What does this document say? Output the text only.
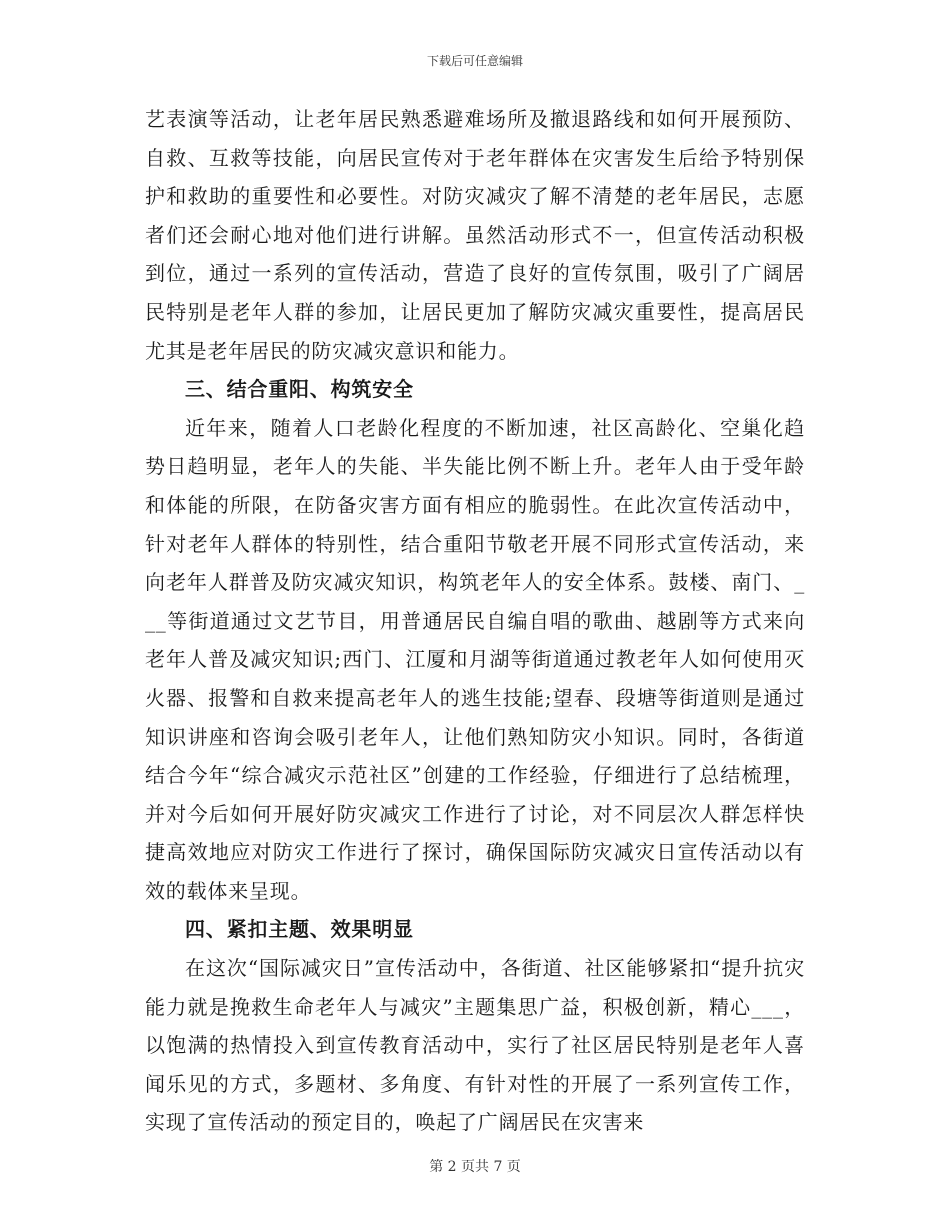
下载后可任意编辑

艺表演等活动，让老年居民熟悉避难场所及撤退路线和如何开展预防、自救、互救等技能，向居民宣传对于老年群体在灾害发生后给予特别保护和救助的重要性和必要性。对防灾减灾了解不清楚的老年居民，志愿者们还会耐心地对他们进行讲解。虽然活动形式不一，但宣传活动积极到位，通过一系列的宣传活动，营造了良好的宣传氛围，吸引了广阔居民特别是老年人群的参加，让居民更加了解防灾减灾重要性，提高居民尤其是老年居民的防灾减灾意识和能力。

三、结合重阳、构筑安全

近年来，随着人口老龄化程度的不断加速，社区高龄化、空巢化趋势日趋明显，老年人的失能、半失能比例不断上升。老年人由于受年龄和体能的所限，在防备灾害方面有相应的脆弱性。在此次宣传活动中，针对老年人群体的特别性，结合重阳节敬老开展不同形式宣传活动，来向老年人群普及防灾减灾知识，构筑老年人的安全体系。鼓楼、南门、___等街道通过文艺节目，用普通居民自编自唱的歌曲、越剧等方式来向老年人普及减灾知识;西门、江厦和月湖等街道通过教老年人如何使用灭火器、报警和自救来提高老年人的逃生技能;望春、段塘等街道则是通过知识讲座和咨询会吸引老年人，让他们熟知防灾小知识。同时，各街道结合今年“综合减灾示范社区”创建的工作经验，仔细进行了总结梳理，并对今后如何开展好防灾减灾工作进行了讨论，对不同层次人群怎样快捷高效地应对防灾工作进行了探讨，确保国际防灾减灾日宣传活动以有效的载体来呈现。

四、紧扣主题、效果明显

在这次“国际减灾日”宣传活动中，各街道、社区能够紧扣“提升抗灾能力就是挽救生命老年人与减灾”主题集思广益，积极创新，精心___，以饱满的热情投入到宣传教育活动中，实行了社区居民特别是老年人喜闻乐见的方式，多题材、多角度、有针对性的开展了一系列宣传工作，实现了宣传活动的预定目的，唤起了广阔居民在灾害来

第 2 页共 7 页
